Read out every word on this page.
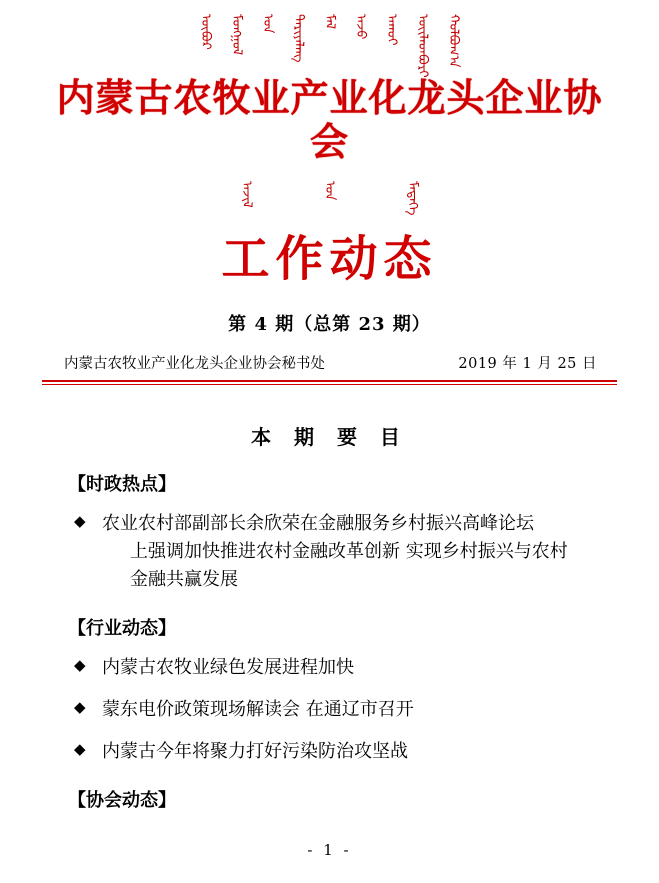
ᠦᠪᠦᠷ ᠮᠣᠩᠭᠤᠯ ᠤᠨ ᠲᠠᠷᠢᠶᠠᠯᠠᠩ ᠮᠠᠯ ᠠᠵᠤ ᠠᠬᠤᠢ ᠦᠢᠯᠡᠳᠪᠦᠷᠢ ᠬᠤᠯᠪᠤᠭ᠎ᠠ
内蒙古农牧业产业化龙头企业协会
ᠠᠵᠢᠯ	ᠤᠨ	ᠮᠡᠳᠡᠭᠡ
工作动态
第 4 期（总第 23 期）
内蒙古农牧业产业化龙头企业协会秘书处	2019 年 1 月 25 日
本 期 要 目
【时政热点】
◆ 农业农村部副部长余欣荣在金融服务乡村振兴高峰论坛
上强调加快推进农村金融改革创新 实现乡村振兴与农村
金融共赢发展
【行业动态】
◆ 内蒙古农牧业绿色发展进程加快
◆ 蒙东电价政策现场解读会 在通辽市召开
◆ 内蒙古今年将聚力打好污染防治攻坚战
【协会动态】
- 1 -
